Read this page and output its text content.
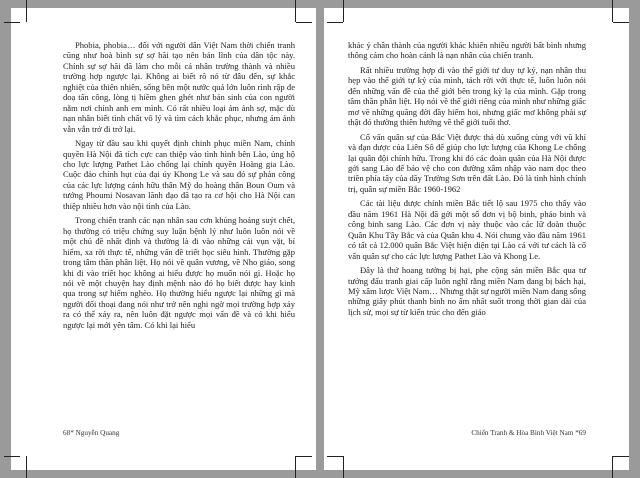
Phobia, phobia… đối với người dân Việt Nam thời chiến tranh cũng như hoà bình sự sợ hãi tạo nên bản lĩnh của dân tộc này. Chính sự sợ hãi đã làm cho mỗi cá nhân trường thành và nhiều trường hợp ngược lại. Không ai biết rõ nó từ đâu đến, sự khắc nghiệt của thiên nhiên, sống bên một nước quá lớn luôn rình rập đe doạ tấn công, lòng tị hiềm ghen ghét như bản sinh của con người nằm nơi chính anh em mình. Có rất nhiều loại ám ảnh sợ, mặc dù nạn nhân biết tình chất vô lý và tìm cách khắc phục, nhưng ám ảnh vẫn vẫn trở đi trở lại.

Ngay từ đầu sau khi quyết định chinh phục miền Nam, chính quyền Hà Nội đã tích cực can thiệp vào tình hình bên Lào, ủng hộ cho lực lượng Pathet Lào chống lại chính quyền Hoàng gia Lào. Cuộc đảo chính hụt của đại úy Khong Le và sau đó sự phản công của các lực lượng cánh hữu thân Mỹ do hoàng thân Boun Oum và tướng Phoumi Nosavan lãnh đạo đã tạo ra cơ hội cho Hà Nội can thiệp nhiều hơn vào nội tình của Lào.

Trong chiến tranh các nạn nhân sau cơn khủng hoảng suýt chết, họ thường có triệu chứng suy luận bệnh lý như luôn luôn nói về một chủ đề nhất định và thường là đi vào những cái vụn vặt, bí hiểm, xa rời thực tế, những vấn đề triết học siêu hình. Thường gặp trong tâm thần phân liệt. Họ nói về quân vương, về Nho giáo, song khi đi vào triết học không ai hiểu được họ muốn nói gì. Hoặc họ nói về một chuyện hay định mệnh nào đó họ biết được hay kinh qua trong sự hiểm nghèo. Họ thường hiểu ngược lại những gì mà người đối thoại đang nói như trở nên nghi ngờ mọi trường hợp xảy ra có thể xảy ra, nên luôn đặt ngược mọi vấn đề và có khi hiểu ngược lại mới yên tâm. Có khi lại hiểu

68* Nguyễn Quang

khác ý chân thành của người khác khiến nhiều người bất bình nhưng thông cảm cho hoàn cảnh là nạn nhân của chiến tranh.

Rất nhiều trường hợp đi vào thế giới tư duy tự kỷ, nạn nhân thu hẹp vào thế giới tự kỷ của mình, tách rời với thực tế, luôn luôn nói đến những vấn đề của thế giới bên trong kỳ lạ của mình. Gặp trong tâm thần phân liệt. Họ nói về thế giới riêng của mình như những giấc mơ về những quãng đời đầy hiếm hoi, nhưng giấc mơ không phải sự thật đó thường thiên hướng về thế giới tuổi thơ.

Cố vấn quân sự của Bắc Việt được thả dù xuống cùng với vũ khí và đạn dược của Liên Sô để giúp cho lực lượng của Khong Le chống lại quân đội chính hữu. Trong khi đó các đoàn quân của Hà Nội được gởi sang Lào để bảo vệ cho con đường xâm nhập vào nam dọc theo triền phía tây của dãy Trường Sơn trên đất Lào. Đó là tình hình chính trị, quân sự miền Bắc 1960-1962

Các tài liệu được chính miền Bắc tiết lộ sau 1975 cho thấy vào đầu năm 1961 Hà Nội đã gởi một số đơn vị bộ binh, pháo binh và công binh sang Lào. Các đơn vị này thuộc vào các lữ đoàn thuộc Quân Khu Tây Bắc và của Quân khu 4. Nói chung vào đầu năm 1961 có tất cả 12.000 quân Bắc Việt hiện diện tại Lào cả với tư cách là cố vấn quân sự cho các lực lượng Pathet Lào và Khong Le.

Đây là thứ hoang tưởng bị hại, phe cộng sản miền Bắc qua tư tưởng đấu tranh giai cấp luôn nghĩ rằng miền Nam đang bị bách hại, Mỹ xâm lược Việt Nam… Nhưng thật sự người miền Nam đang sống những giây phút thanh bình no ấm nhất suốt trong thời gian dài của lịch sử, mọi sự từ kiến trúc cho đến giáo

Chiến Tranh & Hòa Bình Việt Nam *69
